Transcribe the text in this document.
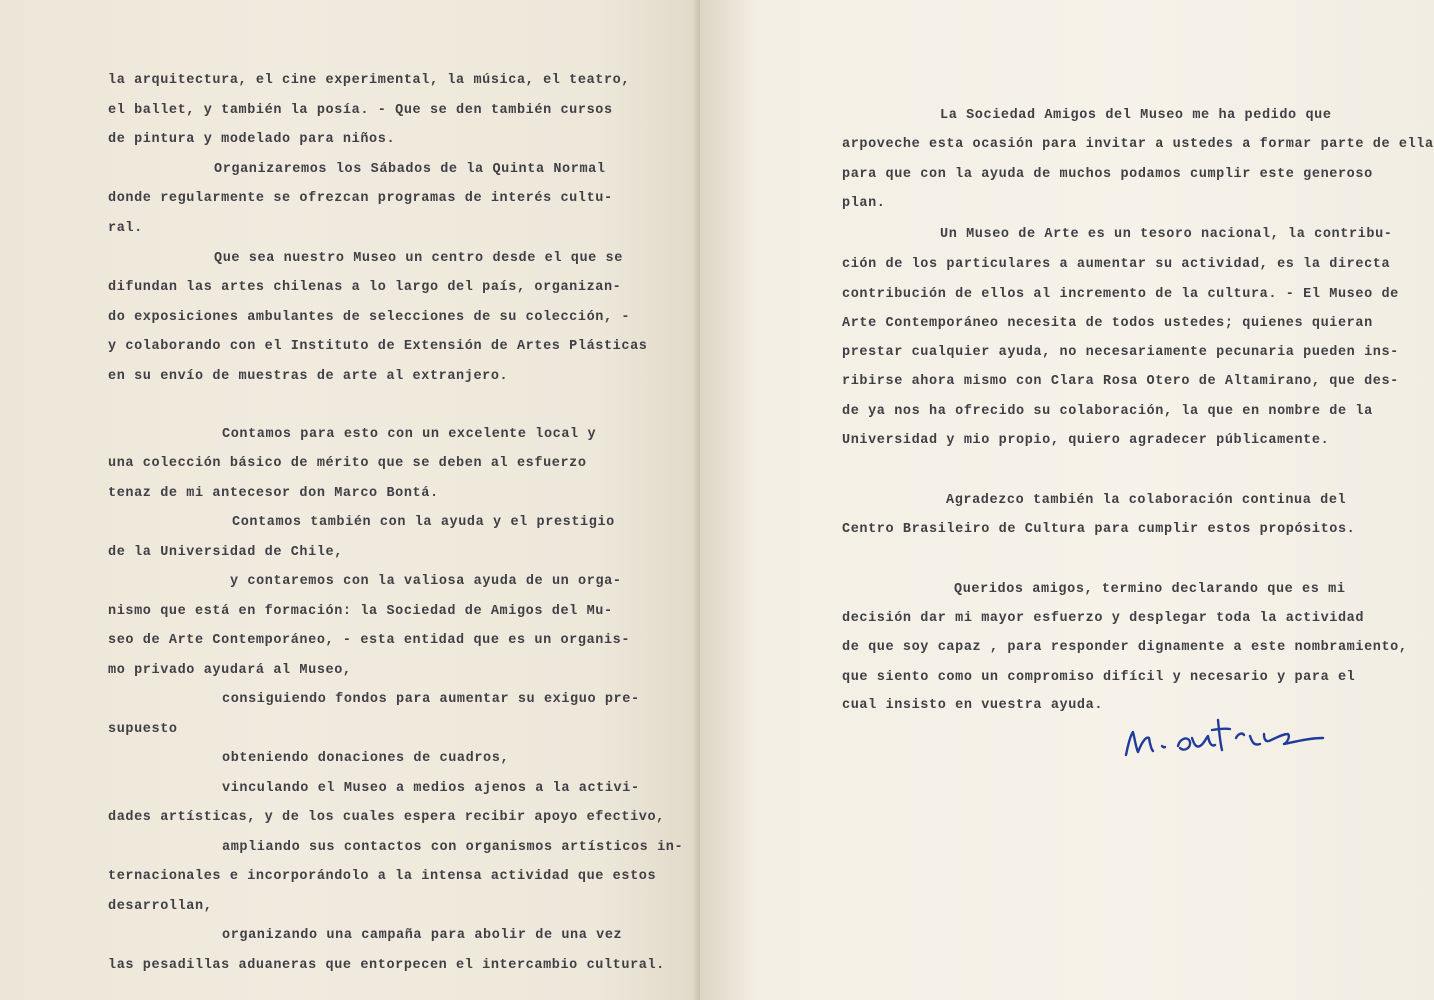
la arquitectura, el cine experimental, la música, el teatro,
el ballet, y también la posía. - Que se den también cursos
de pintura y modelado para niños.
Organizaremos los Sábados de la Quinta Normal
donde regularmente se ofrezcan programas de interés cultu-
ral.
Que sea nuestro Museo un centro desde el que se
difundan las artes chilenas a lo largo del país, organizan-
do exposiciones ambulantes de selecciones de su colección, -
y colaborando con el Instituto de Extensión de Artes Plásticas
en su envío de muestras de arte al extranjero.
Contamos para esto con un excelente local y
una colección básico de mérito que se deben al esfuerzo
tenaz de mi antecesor don Marco Bontá.
Contamos también con la ayuda y el prestigio
de la Universidad de Chile,
y contaremos con la valiosa ayuda de un orga-
nismo que está en formación: la Sociedad de Amigos del Mu-
seo de Arte Contemporáneo, - esta entidad que es un organis-
mo privado ayudará al Museo,
consiguiendo fondos para aumentar su exiguo pre-
supuesto
obteniendo donaciones de cuadros,
vinculando el Museo a medios ajenos a la activi-
dades artísticas, y de los cuales espera recibir apoyo efectivo,
ampliando sus contactos con organismos artísticos in-
ternacionales e incorporándolo a la intensa actividad que estos
desarrollan,
organizando una campaña para abolir de una vez
las pesadillas aduaneras que entorpecen el intercambio cultural.
La Sociedad Amigos del Museo me ha pedido que
arpoveche esta ocasión para invitar a ustedes a formar parte de ella
para que con la ayuda de muchos podamos cumplir este generoso
plan.
Un Museo de Arte es un tesoro nacional, la contribu-
ción de los particulares a aumentar su actividad, es la directa
contribución de ellos al incremento de la cultura. - El Museo de
Arte Contemporáneo necesita de todos ustedes; quienes quieran
prestar cualquier ayuda, no necesariamente pecunaria pueden ins-
ribirse ahora mismo con Clara Rosa Otero de Altamirano, que des-
de ya nos ha ofrecido su colaboración, la que en nombre de la
Universidad y mio propio, quiero agradecer públicamente.
Agradezco también la colaboración continua del
Centro Brasileiro de Cultura para cumplir estos propósitos.
Queridos amigos, termino declarando que es mi
decisión dar mi mayor esfuerzo y desplegar toda la actividad
de que soy capaz , para responder dignamente a este nombramiento,
que siento como un compromiso difícil y necesario y para el
cual insisto en vuestra ayuda.
